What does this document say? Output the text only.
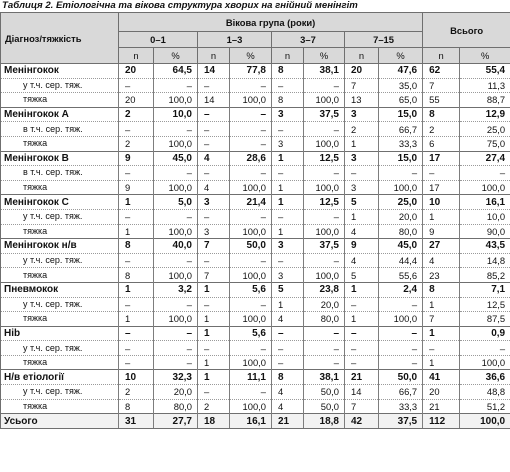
Таблиця 2. Етіологічна та вікова структура хворих на гнійний менінгіт
Діагноз/тяжкість	Вікова група (роки)								Всього	
	0–1		1–3		3–7		7–15			
	n	%	n	%	n	%	n	%	n	%
Менінгокок	20	64,5	14	77,8	8	38,1	20	47,6	62	55,4
у т.ч. сер. тяж.	–	–	–	–	–	–	7	35,0	7	11,3
тяжка	20	100,0	14	100,0	8	100,0	13	65,0	55	88,7
Менінгокок А	2	10,0	–	–	3	37,5	3	15,0	8	12,9
в т.ч. сер. тяж.	–	–	–	–	–	–	2	66,7	2	25,0
тяжка	2	100,0	–	–	3	100,0	1	33,3	6	75,0
Менінгокок В	9	45,0	4	28,6	1	12,5	3	15,0	17	27,4
в т.ч. сер. тяж.	–	–	–	–	–	–	–	–	–	–
тяжка	9	100,0	4	100,0	1	100,0	3	100,0	17	100,0
Менінгокок С	1	5,0	3	21,4	1	12,5	5	25,0	10	16,1
у т.ч. сер. тяж.	–	–	–	–	–	–	1	20,0	1	10,0
тяжка	1	100,0	3	100,0	1	100,0	4	80,0	9	90,0
Менінгокок н/в	8	40,0	7	50,0	3	37,5	9	45,0	27	43,5
у т.ч. сер. тяж.	–	–	–	–	–	–	4	44,4	4	14,8
тяжка	8	100,0	7	100,0	3	100,0	5	55,6	23	85,2
Пневмокок	1	3,2	1	5,6	5	23,8	1	2,4	8	7,1
у т.ч. сер. тяж.	–	–	–	–	1	20,0	–	–	1	12,5
тяжка	1	100,0	1	100,0	4	80,0	1	100,0	7	87,5
Hib	–	–	1	5,6	–	–	–	–	1	0,9
у т.ч. сер. тяж.	–	–	–	–	–	–	–	–	–	–
тяжка	–	–	1	100,0	–	–	–	–	1	100,0
Н/в етіології	10	32,3	1	11,1	8	38,1	21	50,0	41	36,6
у т.ч. сер. тяж.	2	20,0	–	–	4	50,0	14	66,7	20	48,8
тяжка	8	80,0	2	100,0	4	50,0	7	33,3	21	51,2
Усього	31	27,7	18	16,1	21	18,8	42	37,5	112	100,0
